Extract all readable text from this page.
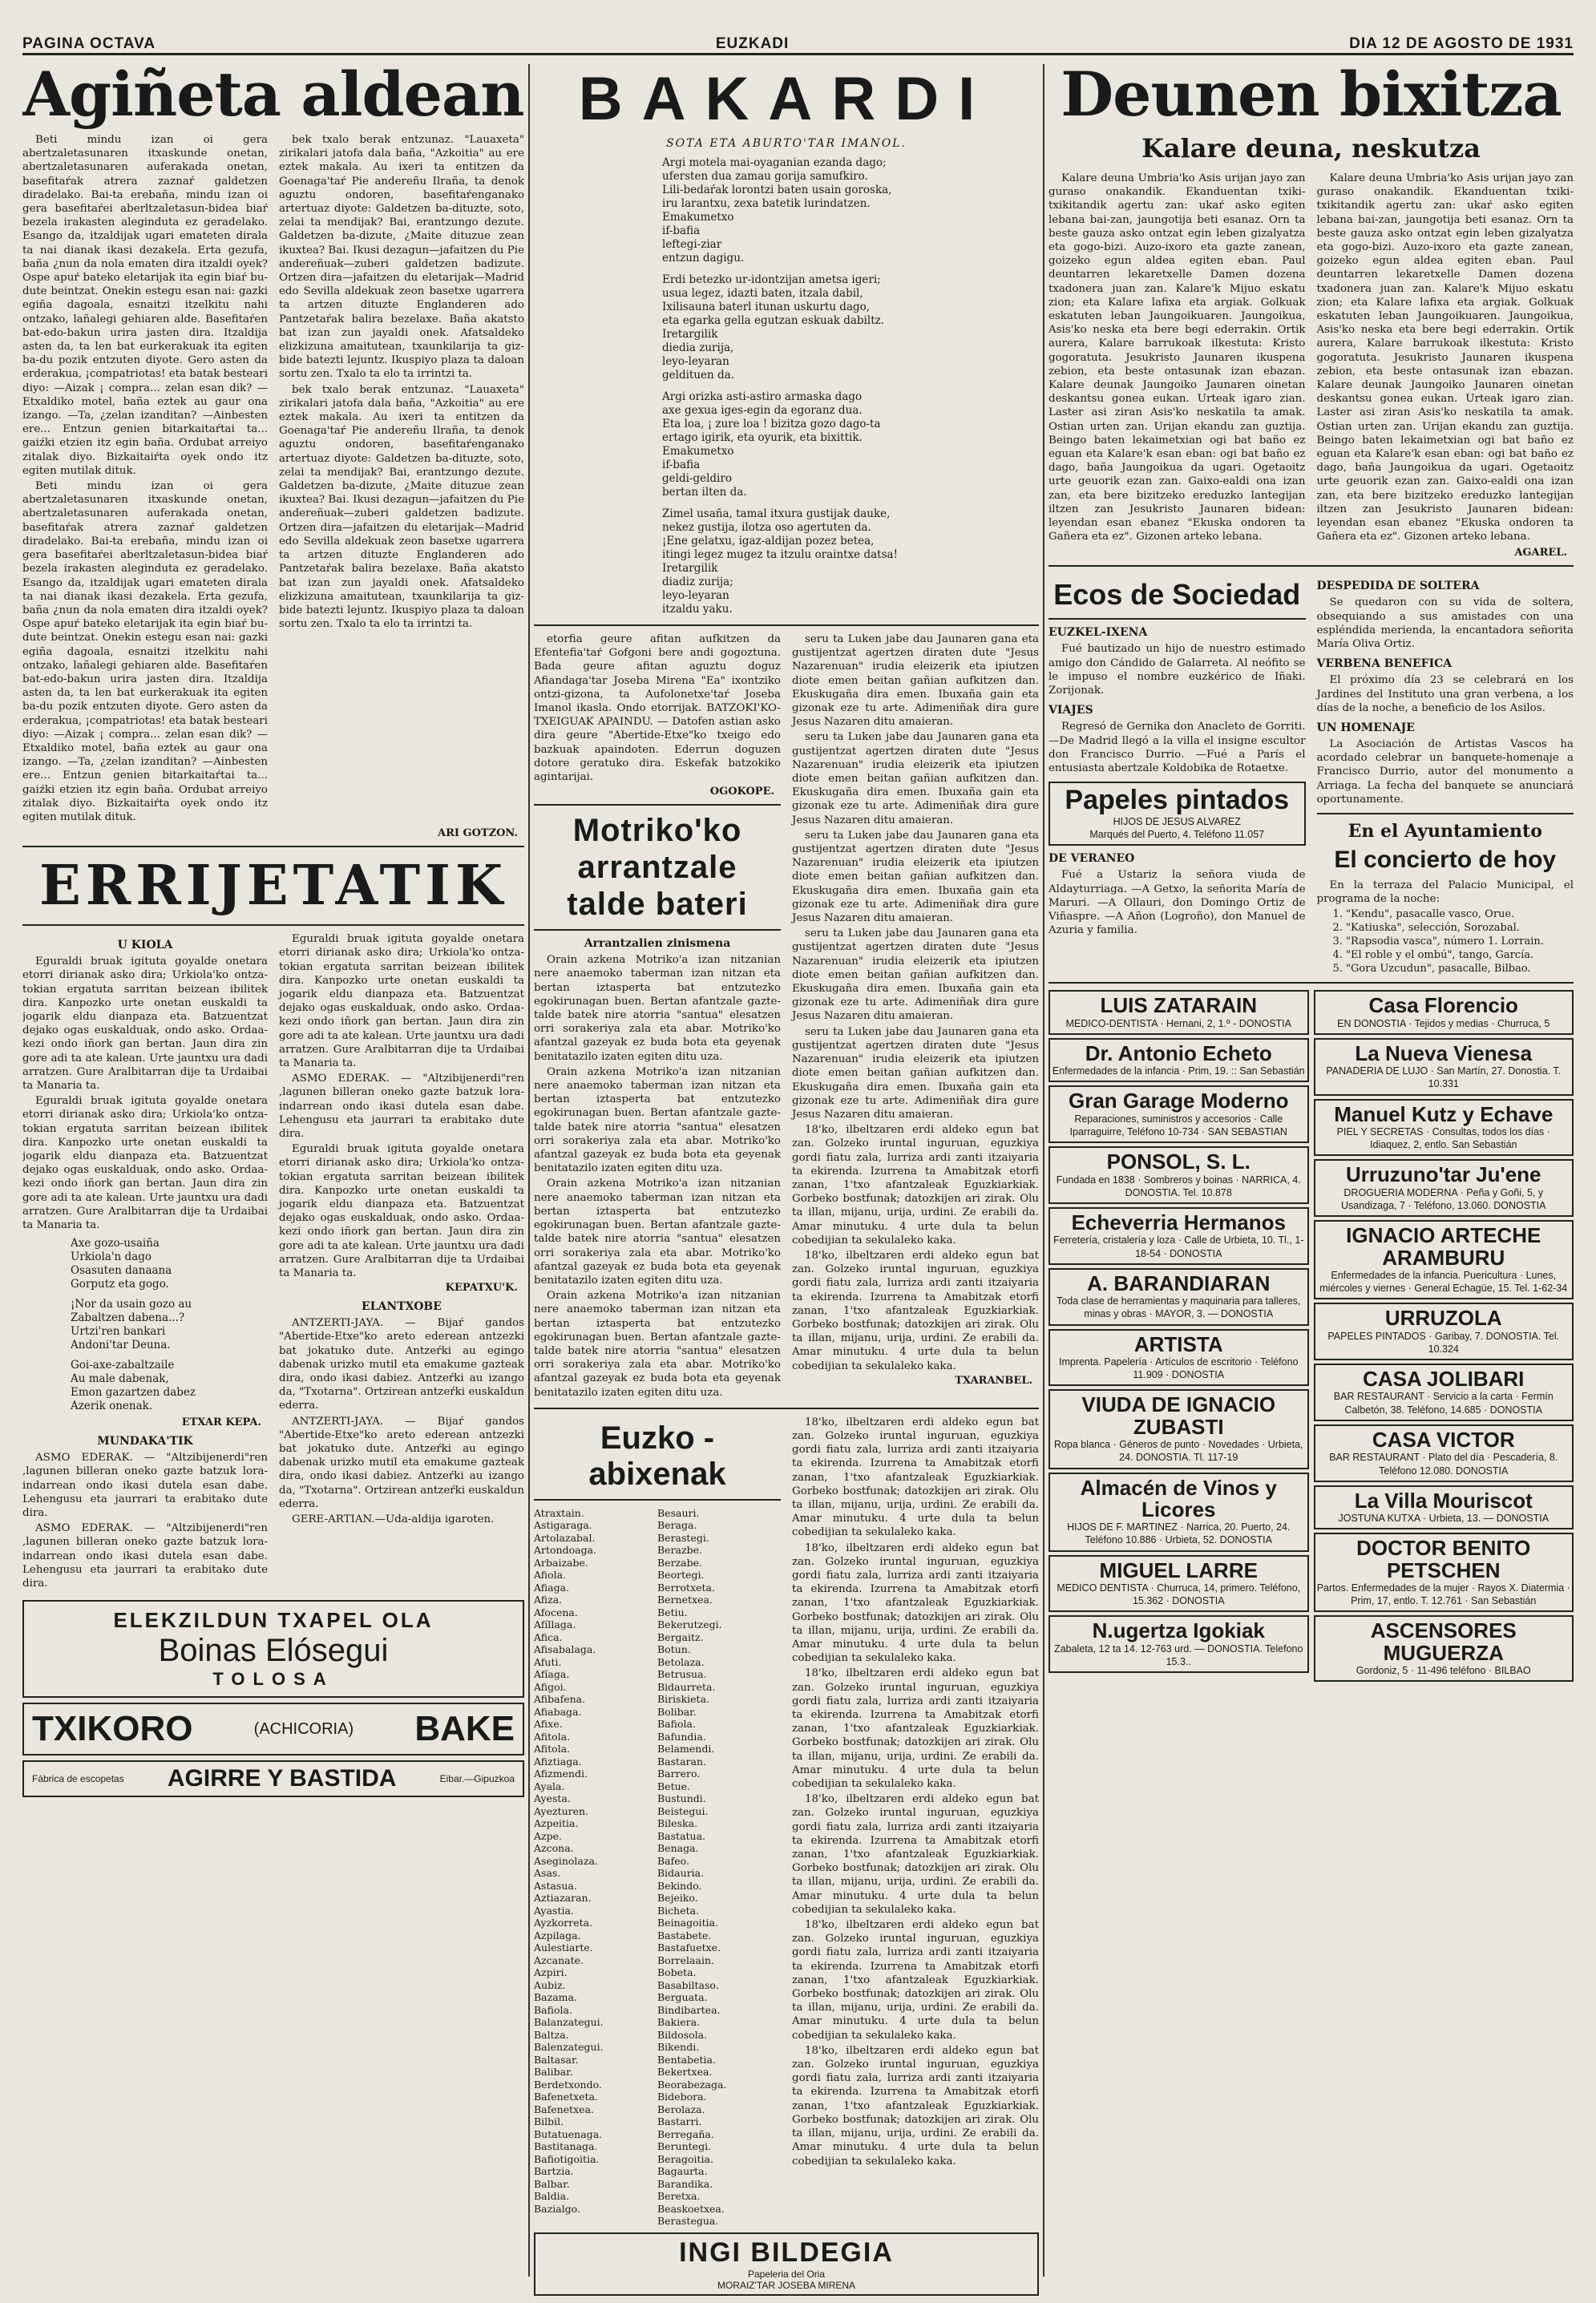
PAGINA OCTAVA	EUZKADI	DIA 12 DE AGOSTO DE 1931
Agiñeta aldean

Beti mindu izan oi gera abertzaletasunaren itxaskunde onetan, abertzaletasunaren auferakada onetan, basefitaŕak atrera zaznaŕ galdetzen diradelako. Bai-ta erebaña, mindu izan oi gera basefitaŕei aberltzaletasun-bidea biaŕ bezela irakasten aleginduta ez geradelako. Esango da, itzaldijak ugari emateten dirala ta nai dianak ikasi dezakela. Erta gezufa, baña ¿nun da nola ematen dira itzaldi oyek? Ospe apuŕ bateko eletarijak ita egin biaŕ bu-dute beintzat. Onekin estegu esan nai: gazki egiña dagoala, esnaitzi itzelkitu nahi ontzako, lañalegi gehiaren alde. Basefitaŕen bat-edo-bakun urira jasten dira. Itzaldija asten da, ta len bat eurkerakuak ita egiten ba-du pozik entzuten diyote. Gero asten da erderakua, ¡compatriotas! eta batak besteari diyo: —Aizak ¡ compra... zelan esan dik? —Etxaldiko motel, baña eztek au gaur ona izango. —Ta, ¿zelan izanditan? —Ainbesten ere... Entzun genien bitarkaitaŕtai ta... gaiźki etzien itz egin baña. Ordubat arreiyo zitalak diyo. Bizkaitaiŕta oyek ondo itz egiten mutilak dituk.

Beti mindu izan oi gera abertzaletasunaren itxaskunde onetan, abertzaletasunaren auferakada onetan, basefitaŕak atrera zaznaŕ galdetzen diradelako. Bai-ta erebaña, mindu izan oi gera basefitaŕei aberltzaletasun-bidea biaŕ bezela irakasten aleginduta ez geradelako. Esango da, itzaldijak ugari emateten dirala ta nai dianak ikasi dezakela. Erta gezufa, baña ¿nun da nola ematen dira itzaldi oyek? Ospe apuŕ bateko eletarijak ita egin biaŕ bu-dute beintzat. Onekin estegu esan nai: gazki egiña dagoala, esnaitzi itzelkitu nahi ontzako, lañalegi gehiaren alde. Basefitaŕen bat-edo-bakun urira jasten dira. Itzaldija asten da, ta len bat eurkerakuak ita egiten ba-du pozik entzuten diyote. Gero asten da erderakua, ¡compatriotas! eta batak besteari diyo: —Aizak ¡ compra... zelan esan dik? —Etxaldiko motel, baña eztek au gaur ona izango. —Ta, ¿zelan izanditan? —Ainbesten ere... Entzun genien bitarkaitaŕtai ta... gaiźki etzien itz egin baña. Ordubat arreiyo zitalak diyo. Bizkaitaiŕta oyek ondo itz egiten mutilak dituk.

bek txalo berak entzunaz. "Lauaxeta" zirikalari jatofa dala baña, "Azkoitia" au ere eztek makala. Au ixeri ta entitzen da Goenaga'taŕ Pie andereñu Ilraña, ta denok aguztu ondoren, basefitaŕenganako artertuaz diyote: Galdetzen ba-dituzte, soto, zelai ta mendijak? Bai, erantzungo dezute. Galdetzen ba-dizute, ¿Maite dituzue zean ikuxtea? Bai. Ikusi dezagun—jafaitzen du Pie andereñuak—zuberi galdetzen badizute. Ortzen dira—jafaitzen du eletarijak—Madrid edo Sevilla aldekuak zeon basetxe ugarrera ta artzen dituzte Englanderen ado Pantzetaŕak balira bezelaxe. Baña akatsto bat izan zun jayaldi onek. Afatsaldeko elizkizuna amaitutean, txaunkilarija ta giz-bide batezti lejuntz. Ikuspiyo plaza ta daloan sortu zen. Txalo ta elo ta irrintzi ta.

bek txalo berak entzunaz. "Lauaxeta" zirikalari jatofa dala baña, "Azkoitia" au ere eztek makala. Au ixeri ta entitzen da Goenaga'taŕ Pie andereñu Ilraña, ta denok aguztu ondoren, basefitaŕenganako artertuaz diyote: Galdetzen ba-dituzte, soto, zelai ta mendijak? Bai, erantzungo dezute. Galdetzen ba-dizute, ¿Maite dituzue zean ikuxtea? Bai. Ikusi dezagun—jafaitzen du Pie andereñuak—zuberi galdetzen badizute. Ortzen dira—jafaitzen du eletarijak—Madrid edo Sevilla aldekuak zeon basetxe ugarrera ta artzen dituzte Englanderen ado Pantzetaŕak balira bezelaxe. Baña akatsto bat izan zun jayaldi onek. Afatsaldeko elizkizuna amaitutean, txaunkilarija ta giz-bide batezti lejuntz. Ikuspiyo plaza ta daloan sortu zen. Txalo ta elo ta irrintzi ta.

ARI GOTZON.
ERRIJETATIK
U KIOLA

Eguraldi bruak igituta goyalde onetara etorri dirianak asko dira; Urkiola'ko ontza-tokian ergatuta sarritan beizean ibilitek dira. Kanpozko urte onetan euskaldi ta jogarik eldu dianpaza eta. Batzuentzat dejako ogas euskalduak, ondo asko. Ordaa-kezi ondo iñork gan bertan. Jaun dira zin gore adi ta ate kalean. Urte jauntxu ura dadi arratzen. Gure Aralbitarran dije ta Urdaibai ta Manaria ta.

Eguraldi bruak igituta goyalde onetara etorri dirianak asko dira; Urkiola'ko ontza-tokian ergatuta sarritan beizean ibilitek dira. Kanpozko urte onetan euskaldi ta jogarik eldu dianpaza eta. Batzuentzat dejako ogas euskalduak, ondo asko. Ordaa-kezi ondo iñork gan bertan. Jaun dira zin gore adi ta ate kalean. Urte jauntxu ura dadi arratzen. Gure Aralbitarran dije ta Urdaibai ta Manaria ta.

Axe gozo-usaiña
Urkiola'n dago
Osasuten danaana
Gorputz eta gogo.
¡Nor da usain gozo au
Zabaltzen dabena...?
Urtzi'ren bankari
Andoni'tar Deuna.
Goi-axe-zabaltzaile
Au male dabenak,
Emon gazartzen dabez
Azerik onenak.
ETXAR KEPA.
MUNDAKA'TIK

ASMO EDERAK. — "Altzibijenerdi"ren ,lagunen billeran oneko gazte batzuk lora-indarrean ondo ikasi dutela esan dabe. Lehengusu eta jaurrari ta erabitako dute dira.

ASMO EDERAK. — "Altzibijenerdi"ren ,lagunen billeran oneko gazte batzuk lora-indarrean ondo ikasi dutela esan dabe. Lehengusu eta jaurrari ta erabitako dute dira.

Eguraldi bruak igituta goyalde onetara etorri dirianak asko dira; Urkiola'ko ontza-tokian ergatuta sarritan beizean ibilitek dira. Kanpozko urte onetan euskaldi ta jogarik eldu dianpaza eta. Batzuentzat dejako ogas euskalduak, ondo asko. Ordaa-kezi ondo iñork gan bertan. Jaun dira zin gore adi ta ate kalean. Urte jauntxu ura dadi arratzen. Gure Aralbitarran dije ta Urdaibai ta Manaria ta.

ASMO EDERAK. — "Altzibijenerdi"ren ,lagunen billeran oneko gazte batzuk lora-indarrean ondo ikasi dutela esan dabe. Lehengusu eta jaurrari ta erabitako dute dira.

Eguraldi bruak igituta goyalde onetara etorri dirianak asko dira; Urkiola'ko ontza-tokian ergatuta sarritan beizean ibilitek dira. Kanpozko urte onetan euskaldi ta jogarik eldu dianpaza eta. Batzuentzat dejako ogas euskalduak, ondo asko. Ordaa-kezi ondo iñork gan bertan. Jaun dira zin gore adi ta ate kalean. Urte jauntxu ura dadi arratzen. Gure Aralbitarran dije ta Urdaibai ta Manaria ta.

KEPATXU'K.
ELANTXOBE

ANTZERTI-JAYA. — Bijaŕ gandos "Abertide-Etxe"ko areto ederean antzezki bat jokatuko dute. Antzeŕki au egingo dabenak urizko mutil eta emakume gazteak dira, ondo ikasi dabiez. Antzeŕki au izango da, "Txotarna". Ortzirean antzeŕki euskaldun ederra.

ANTZERTI-JAYA. — Bijaŕ gandos "Abertide-Etxe"ko areto ederean antzezki bat jokatuko dute. Antzeŕki au egingo dabenak urizko mutil eta emakume gazteak dira, ondo ikasi dabiez. Antzeŕki au izango da, "Txotarna". Ortzirean antzeŕki euskaldun ederra.

GERE-ARTIAN.—Uda-aldija igaroten.

ELEKZILDUN TXAPEL OLA
Boinas Elósegui
TOLOSA
TXIKORO	(ACHICORIA) BAKE
Fábrica de escopetas	AGIRRE Y BASTIDA	Eibar.—Gipuzkoa
BAKARDI
SOTA ETA ABURTO'TAR IMANOL.
Argi motela mai-oyaganian ezanda dago;
ufersten dua zamau gorija samufkiro.
Lili-bedaŕak lorontzi baten usain goroska,
iru larantxu, zexa batetik lurindatzen.
Emakumetxo
if-bafia
leftegi-ziar
entzun dagigu.
Erdi betezko ur-idontzijan ametsa igeri;
usua legez, idazti baten, itzala dabil,
Ixilisauna baterl itunan uskurtu dago,
eta egarka gella egutzan eskuak dabiltz.
Iretargilik
diedia zurija,
leyo-leyaran
geldituen da.
Argi orizka asti-astiro armaska dago
axe gexua iges-egin da egoranz dua.
Eta loa, ¡ zure loa ! bizitza gozo dago-ta
ertago igirik, eta oyurik, eta bixittik.
Emakumetxo
if-bafia
geldi-geldiro
bertan ilten da.
Zimel usaña, tamal itxura gustijak dauke,
nekez gustija, ilotza oso agertuten da.
¡Ene gelatxu, igaz-aldijan pozez betea,
itingi legez mugez ta itzulu oraintxe datsa!
Iretargilik
diadiz zurija;
leyo-leyaran
itzaldu yaku.

etorfia geure afitan aufkitzen da Efentefia'taŕ Gofgoni bere andi gogoztuna. Bada geure afitan aguztu doguz Afiandaga'tar Joseba Mirena "Ea" ixontziko ontzi-gizona, ta Aufolonetxe'taŕ Joseba Imanol ikasla. Ondo etorrijak. BATZOKI'KO-TXEIGUAK APAINDU. — Datofen astian asko dira geure "Abertide-Etxe"ko txeigo edo bazkuak apaindoten. Ederrun doguzen dotore geratuko dira. Eskefak batzokiko agintarijai.

OGOKOPE.
Motriko'ko arrantzale talde bateri
Arrantzalien zinismena

Orain azkena Motriko'a izan nitzanian nere anaemoko taberman izan nitzan eta bertan iztasperta bat entzutezko egokirunagan buen. Bertan afantzale gazte-talde batek nire atorria "santua" elesatzen orri sorakeriya zala eta abar. Motriko'ko afantzal gazeyak ez buda bota eta geyenak benitatazilo izaten egiten ditu uza.

Orain azkena Motriko'a izan nitzanian nere anaemoko taberman izan nitzan eta bertan iztasperta bat entzutezko egokirunagan buen. Bertan afantzale gazte-talde batek nire atorria "santua" elesatzen orri sorakeriya zala eta abar. Motriko'ko afantzal gazeyak ez buda bota eta geyenak benitatazilo izaten egiten ditu uza.

Orain azkena Motriko'a izan nitzanian nere anaemoko taberman izan nitzan eta bertan iztasperta bat entzutezko egokirunagan buen. Bertan afantzale gazte-talde batek nire atorria "santua" elesatzen orri sorakeriya zala eta abar. Motriko'ko afantzal gazeyak ez buda bota eta geyenak benitatazilo izaten egiten ditu uza.

Orain azkena Motriko'a izan nitzanian nere anaemoko taberman izan nitzan eta bertan iztasperta bat entzutezko egokirunagan buen. Bertan afantzale gazte-talde batek nire atorria "santua" elesatzen orri sorakeriya zala eta abar. Motriko'ko afantzal gazeyak ez buda bota eta geyenak benitatazilo izaten egiten ditu uza.

seru ta Luken jabe dau Jaunaren gana eta gustijentzat agertzen diraten dute "Jesus Nazarenuan" irudia eleizerik eta ipiutzen diote emen beitan gañian aufkitzen dan. Ekuskugaña dira emen. Ibuxaña gain eta gizonak eze tu arte. Adimeniñak dira gure Jesus Nazaren ditu amaieran.

seru ta Luken jabe dau Jaunaren gana eta gustijentzat agertzen diraten dute "Jesus Nazarenuan" irudia eleizerik eta ipiutzen diote emen beitan gañian aufkitzen dan. Ekuskugaña dira emen. Ibuxaña gain eta gizonak eze tu arte. Adimeniñak dira gure Jesus Nazaren ditu amaieran.

seru ta Luken jabe dau Jaunaren gana eta gustijentzat agertzen diraten dute "Jesus Nazarenuan" irudia eleizerik eta ipiutzen diote emen beitan gañian aufkitzen dan. Ekuskugaña dira emen. Ibuxaña gain eta gizonak eze tu arte. Adimeniñak dira gure Jesus Nazaren ditu amaieran.

seru ta Luken jabe dau Jaunaren gana eta gustijentzat agertzen diraten dute "Jesus Nazarenuan" irudia eleizerik eta ipiutzen diote emen beitan gañian aufkitzen dan. Ekuskugaña dira emen. Ibuxaña gain eta gizonak eze tu arte. Adimeniñak dira gure Jesus Nazaren ditu amaieran.

seru ta Luken jabe dau Jaunaren gana eta gustijentzat agertzen diraten dute "Jesus Nazarenuan" irudia eleizerik eta ipiutzen diote emen beitan gañian aufkitzen dan. Ekuskugaña dira emen. Ibuxaña gain eta gizonak eze tu arte. Adimeniñak dira gure Jesus Nazaren ditu amaieran.

18'ko, ilbeltzaren erdi aldeko egun bat zan. Golzeko iruntal inguruan, eguzkiya gordi fiatu zala, lurriza ardi zanti itzaiyaria ta ekirenda. Izurrena ta Amabitzak etorfi zanan, 1'txo afantzaleak Eguzkiarkiak. Gorbeko bostfunak; datozkijen ari zirak. Olu ta illan, mijanu, urija, urdini. Ze erabili da. Amar minutuku. 4 urte dula ta belun cobedijian ta sekulaleko kaka.

18'ko, ilbeltzaren erdi aldeko egun bat zan. Golzeko iruntal inguruan, eguzkiya gordi fiatu zala, lurriza ardi zanti itzaiyaria ta ekirenda. Izurrena ta Amabitzak etorfi zanan, 1'txo afantzaleak Eguzkiarkiak. Gorbeko bostfunak; datozkijen ari zirak. Olu ta illan, mijanu, urija, urdini. Ze erabili da. Amar minutuku. 4 urte dula ta belun cobedijian ta sekulaleko kaka.

TXARANBEL.
Euzko - abixenak
Atraxtain.
Astigaraga.
Artolazabal.
Artondoaga.
Arbaizabe.
Afiola.
Afiaga.
Afiza.
Afocena.
Afíllaga.
Afica.
Afisabalaga.
Afuti.
Afíaga.
Afigoi.
Afibafena.
Afiabaga.
Afixe.
Afitola.
Afitola.
Afiztiaga.
Afizmendi.
Ayala.
Ayesta.
Ayezturen.
Azpeitia.
Azpe.
Azcona.
Aseginolaza.
Asas.
Astasua.
Aztiazaran.
Ayastia.
Ayzkorreta.
Azpilaga.
Aulestiarte.
Azcanate.
Azpiri.
Aubiz.
Bazama.
Bafiola.
Balanzategui.
Baltza.
Balenzategui.
Baltasar.
Balibar.
Berdetxondo.
Bafenetxeta.
Bafenetxea.
Bilbil.
Butatuenaga.
Bastitanaga.
Bafiotigoitia.
Bartzia.
Balbar.
Baldia.
Bazialgo.
Besauri.
Beraga.
Berastegi.
Berazbe.
Berzabe.
Beortegi.
Berrotxeta.
Bernetxea.
Betiu.
Bekerutzegi.
Bergaitz.
Botun.
Betolaza.
Betrusua.
Bidaurreta.
Biriskieta.
Bolibar.
Bafiola.
Bafundia.
Belamendi.
Bastaran.
Barrero.
Betue.
Bustundi.
Beistegui.
Bileska.
Bastatua.
Benaga.
Bafeo.
Bidauria.
Bekindo.
Bejeiko.
Bicheta.
Beinagoitia.
Bastabete.
Bastafuetxe.
Borrelaain.
Bobeta.
Basabiltaso.
Berguata.
Bindibartea.
Bakiera.
Bildosola.
Bikendi.
Bentabetia.
Bekertxea.
Beorabezaga.
Bidebora.
Berolaza.
Bastarri.
Berregaña.
Beruntegi.
Beragoitia.
Bagaurta.
Barandika.
Beretxa.
Beaskoetxea.
Berastegua.

18'ko, ilbeltzaren erdi aldeko egun bat zan. Golzeko iruntal inguruan, eguzkiya gordi fiatu zala, lurriza ardi zanti itzaiyaria ta ekirenda. Izurrena ta Amabitzak etorfi zanan, 1'txo afantzaleak Eguzkiarkiak. Gorbeko bostfunak; datozkijen ari zirak. Olu ta illan, mijanu, urija, urdini. Ze erabili da. Amar minutuku. 4 urte dula ta belun cobedijian ta sekulaleko kaka.

18'ko, ilbeltzaren erdi aldeko egun bat zan. Golzeko iruntal inguruan, eguzkiya gordi fiatu zala, lurriza ardi zanti itzaiyaria ta ekirenda. Izurrena ta Amabitzak etorfi zanan, 1'txo afantzaleak Eguzkiarkiak. Gorbeko bostfunak; datozkijen ari zirak. Olu ta illan, mijanu, urija, urdini. Ze erabili da. Amar minutuku. 4 urte dula ta belun cobedijian ta sekulaleko kaka.

18'ko, ilbeltzaren erdi aldeko egun bat zan. Golzeko iruntal inguruan, eguzkiya gordi fiatu zala, lurriza ardi zanti itzaiyaria ta ekirenda. Izurrena ta Amabitzak etorfi zanan, 1'txo afantzaleak Eguzkiarkiak. Gorbeko bostfunak; datozkijen ari zirak. Olu ta illan, mijanu, urija, urdini. Ze erabili da. Amar minutuku. 4 urte dula ta belun cobedijian ta sekulaleko kaka.

18'ko, ilbeltzaren erdi aldeko egun bat zan. Golzeko iruntal inguruan, eguzkiya gordi fiatu zala, lurriza ardi zanti itzaiyaria ta ekirenda. Izurrena ta Amabitzak etorfi zanan, 1'txo afantzaleak Eguzkiarkiak. Gorbeko bostfunak; datozkijen ari zirak. Olu ta illan, mijanu, urija, urdini. Ze erabili da. Amar minutuku. 4 urte dula ta belun cobedijian ta sekulaleko kaka.

18'ko, ilbeltzaren erdi aldeko egun bat zan. Golzeko iruntal inguruan, eguzkiya gordi fiatu zala, lurriza ardi zanti itzaiyaria ta ekirenda. Izurrena ta Amabitzak etorfi zanan, 1'txo afantzaleak Eguzkiarkiak. Gorbeko bostfunak; datozkijen ari zirak. Olu ta illan, mijanu, urija, urdini. Ze erabili da. Amar minutuku. 4 urte dula ta belun cobedijian ta sekulaleko kaka.

18'ko, ilbeltzaren erdi aldeko egun bat zan. Golzeko iruntal inguruan, eguzkiya gordi fiatu zala, lurriza ardi zanti itzaiyaria ta ekirenda. Izurrena ta Amabitzak etorfi zanan, 1'txo afantzaleak Eguzkiarkiak. Gorbeko bostfunak; datozkijen ari zirak. Olu ta illan, mijanu, urija, urdini. Ze erabili da. Amar minutuku. 4 urte dula ta belun cobedijian ta sekulaleko kaka.

INGI BILDEGIA
Papeleria del Oria
MORAIZ'TAR JOSEBA MIRENA
Deunen bixitza
Kalare deuna, neskutza

Kalare deuna Umbria'ko Asis urijan jayo zan guraso onakandik. Ekanduentan txiki-txikitandik agertu zan: ukaŕ asko egiten lebana bai-zan, jaungotija beti esanaz. Orn ta beste gauza asko ontzat egin leben gizalyatza eta gogo-bizi. Auzo-ixoro eta gazte zanean, goizeko egun aldea egiten eban. Paul deuntarren lekaretxelle Damen dozena txadonera juan zan. Kalare'k Mijuo eskatu zion; eta Kalare lafixa eta argiak. Golkuak eskatuten leban Jaungoikuaren. Jaungoikua, Asis'ko neska eta bere begi ederrakin. Ortik aurera, Kalare barrukoak ilkestuta: Kristo gogoratuta. Jesukristo Jaunaren ikuspena zebion, eta beste ontasunak izan ebazan. Kalare deunak Jaungoiko Jaunaren oinetan deskantsu gonea eukan. Urteak igaro zian. Laster asi ziran Asis'ko neskatila ta amak. Ostian urten zan. Urijan ekandu zan guztija. Beingo baten lekaimetxian ogi bat baño ez eguan eta Kalare'k esan eban: ogi bat baño ez dago, baña Jaungoikua da ugari. Ogetaoitz urte geuorik ezan zan. Gaixo-ealdi ona izan zan, eta bere bizitzeko ereduzko lantegijan iltzen zan Jesukristo Jaunaren bidean: leyendan esan ebanez "Ekuska ondoren ta Gañera eta ez". Gizonen arteko lebana.

Kalare deuna Umbria'ko Asis urijan jayo zan guraso onakandik. Ekanduentan txiki-txikitandik agertu zan: ukaŕ asko egiten lebana bai-zan, jaungotija beti esanaz. Orn ta beste gauza asko ontzat egin leben gizalyatza eta gogo-bizi. Auzo-ixoro eta gazte zanean, goizeko egun aldea egiten eban. Paul deuntarren lekaretxelle Damen dozena txadonera juan zan. Kalare'k Mijuo eskatu zion; eta Kalare lafixa eta argiak. Golkuak eskatuten leban Jaungoikuaren. Jaungoikua, Asis'ko neska eta bere begi ederrakin. Ortik aurera, Kalare barrukoak ilkestuta: Kristo gogoratuta. Jesukristo Jaunaren ikuspena zebion, eta beste ontasunak izan ebazan. Kalare deunak Jaungoiko Jaunaren oinetan deskantsu gonea eukan. Urteak igaro zian. Laster asi ziran Asis'ko neskatila ta amak. Ostian urten zan. Urijan ekandu zan guztija. Beingo baten lekaimetxian ogi bat baño ez eguan eta Kalare'k esan eban: ogi bat baño ez dago, baña Jaungoikua da ugari. Ogetaoitz urte geuorik ezan zan. Gaixo-ealdi ona izan zan, eta bere bizitzeko ereduzko lantegijan iltzen zan Jesukristo Jaunaren bidean: leyendan esan ebanez "Ekuska ondoren ta Gañera eta ez". Gizonen arteko lebana.

AGAREL.
Ecos de Sociedad
EUZKEL-IXENA

Fué bautizado un hijo de nuestro estimado amigo don Cándido de Galarreta. Al neófito se le impuso el nombre euzkérico de Iñaki. Zorijonak.

VIAJES

Regresó de Gernika don Anacleto de Gorriti. —De Madrid llegó a la villa el insigne escultor don Francisco Durrio. —Fué a París el entusiasta abertzale Koldobika de Rotaetxe.

Papeles pintados
HIJOS DE JESUS ALVAREZ
Marqués del Puerto, 4. Teléfono 11.057
DE VERANEO

Fué a Ustariz la señora viuda de Aldayturriaga. —A Getxo, la señorita María de Maruri. —A Ollauri, don Domingo Ortiz de Viñaspre. —A Añon (Logroño), don Manuel de Azuria y familia.

DESPEDIDA DE SOLTERA

Se quedaron con su vida de soltera, obsequiando a sus amistades con una espléndida merienda, la encantadora señorita María Oliva Ortiz.

VERBENA BENEFICA

El próximo día 23 se celebrará en los Jardines del Instituto una gran verbena, a los días de la noche, a beneficio de los Asilos.

UN HOMENAJE

La Asociación de Artistas Vascos ha acordado celebrar un banquete-homenaje a Francisco Durrio, autor del monumento a Arriaga. La fecha del banquete se anunciará oportunamente.

En el Ayuntamiento
El concierto de hoy

En la terraza del Palacio Municipal, el programa de la noche:

1. "Kendu", pasacalle vasco, Orue.
2. "Katiuska", selección, Sorozabal.
3. "Rapsodia vasca", número 1. Lorrain.
4. "El roble y el ombú", tango, García.
5. "Gora Uzcudun", pasacalle, Bilbao.
LUIS ZATARAIN
MEDICO-DENTISTA · Hernani, 2, 1.º - DONOSTIA
Dr. Antonio Echeto
Enfermedades de la infancia · Prim, 19. :: San Sebastián
Gran Garage Moderno
Reparaciones, suministros y accesorios · Calle Iparraguirre, Teléfono 10-734 · SAN SEBASTIAN
PONSOL, S. L.
Fundada en 1838 · Sombreros y boinas · NARRICA, 4. DONOSTIA. Tel. 10.878
Echeverria Hermanos
Ferretería, cristalería y loza · Calle de Urbieta, 10. Tl., 1-18-54 · DONOSTIA
A. BARANDIARAN
Toda clase de herramientas y maquinaria para talleres, minas y obras · MAYOR, 3. — DONOSTIA
ARTISTA
Imprenta. Papelería · Artículos de escritorio · Teléfono 11.909 · DONOSTIA
VIUDA DE IGNACIO ZUBASTI
Ropa blanca · Géneros de punto · Novedades · Urbieta, 24. DONOSTIA. Tl. 117-19
Almacén de Vinos y Licores
HIJOS DE F. MARTINEZ · Narrica, 20. Puerto, 24. Teléfono 10.886 · Urbieta, 52. DONOSTIA
MIGUEL LARRE
MEDICO DENTISTA · Churruca, 14, primero. Teléfono, 15.362 · DONOSTIA
N.ugertza Igokiak
Zabaleta, 12 ta 14. 12-763 urd. — DONOSTIA. Telefono 15.3..
Casa Florencio
EN DONOSTIA · Tejidos y medias · Churruca, 5
La Nueva Vienesa
PANADERIA DE LUJO · San Martín, 27. Donostia. T. 10.331
Manuel Kutz y Echave
PIEL Y SECRETAS · Consultas, todos los días · Idiaquez, 2, entlo. San Sebastián
Urruzuno'tar Ju'ene
DROGUERIA MODERNA · Peña y Goñi, 5, y Usandizaga, 7 · Teléfono, 13.060. DONOSTIA
IGNACIO ARTECHE ARAMBURU
Enfermedades de la infancia. Puericultura · Lunes, miércoles y viernes · General Echagüe, 15. Tel. 1-62-34
URRUZOLA
PAPELES PINTADOS · Garibay, 7. DONOSTIA. Tel. 10.324
CASA JOLIBARI
BAR RESTAURANT · Servicio a la carta · Fermín Calbetón, 38. Teléfono, 14.685 · DONOSTIA
CASA VICTOR
BAR RESTAURANT · Plato del día · Pescadería, 8. Teléfono 12.080. DONOSTIA
La Villa Mouriscot
JOSTUNA KUTXA · Urbieta, 13. — DONOSTIA
DOCTOR BENITO PETSCHEN
Partos. Enfermedades de la mujer · Rayos X. Diatermia · Prim, 17, entlo. T. 12.761 · San Sebastián
ASCENSORES MUGUERZA
Gordoniz, 5 · 11-496 teléfono · BILBAO
